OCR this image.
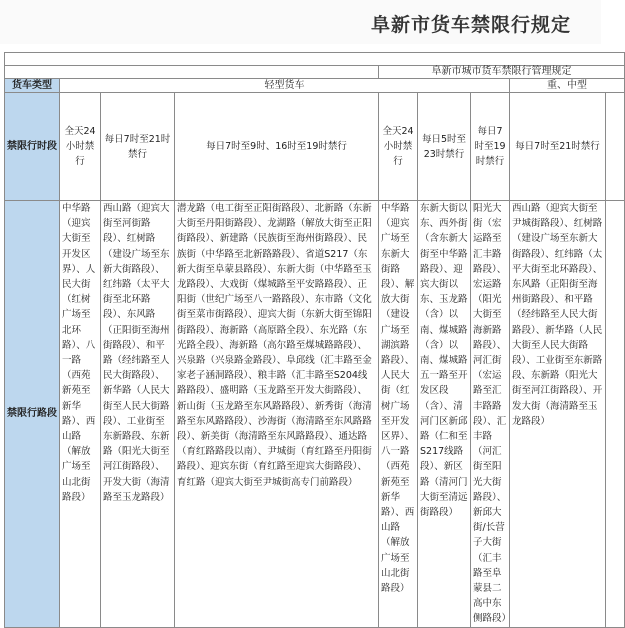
阜新市货车禁限行规定

				阜新市城市货车禁限行管理规定				
货车类型	轻型货车						重、中型	
禁限行时段	全天24小时禁行	每日7时至21时禁行	每日7时至9时、16时至19时禁行	全天24小时禁行	每日5时至23时禁行	每日7时至19时禁行	每日7时至21时禁行	
禁限行路段	中华路（迎宾大街至开发区界）、人民大街（红树广场至北环路）、八一路（西苑新苑至新华路）、西山路（解放广场至山北街路段）	西山路（迎宾大街至河街路段）、红树路（建设广场至东新大街路段）、红纬路（太平大街至北环路段）、东风路（正阳街至海州街路段）、和平路（经纬路至人民大街路段）、新华路（人民大街至人民大街路段）、工业街至东新路段、东新路（阳光大街至河江街路段）、开发大街（海清路至玉龙路段）	潜龙路（电工街至正阳街路段）、北新路（东新大街至丹阳街路段）、龙湖路（解放大街至正阳街路段）、新建路（民族街至海州街路段）、民族街（中华路至北新路路段）、省道S217（东新大街至阜蒙县路段）、东新大街（中华路至玉龙路段）、大戏街（煤城路至平安路路段）、正阳街（世纪广场至八一路路段）、东市路（文化街至菜市街路段）、迎宾大街（东新大街至锦阳街路段）、海新路（高原路全段）、东光路（东光路全段）、海新路（高尔路至煤城路路段）、兴泉路（兴泉路金路段）、阜邱线（汇丰路至金家老子涵洞路段）、粮丰路（汇丰路至S204线路路段）、盛明路（玉龙路至开发大街路段）、新山街（玉龙路至东风路路段）、新秀街（海清路至东风路路段）、沙海街（海清路至东风路路段）、新美街（海清路至东风路路段）、通达路（育红路路段以南）、尹城街（育红路至丹阳街路段）、迎宾东街（育红路至迎宾大街路段）、育红路（迎宾大街至尹城街高专门前路段）	中华路（迎宾广场至东新大街路段）、解放大街（建设广场至湖滨路路段）、人民大街（红树广场至开发区界）、八一路（西苑新苑至新华路）、西山路（解放广场至山北街路段）	东新大街以东、西外街（含东新大街至中华路路段）、迎宾大街以东、玉龙路（含）以南、煤城路（含）以南、煤城路五一路至开发区段（含）、清河门区新邱路（仁和至S217线路段）、新区路（清河门大街至清远街路段）	阳光大街（宏运路至汇丰路路段）、宏运路（阳光大街至海新路路段）、河汇街（宏运路至汇丰路路段）、汇丰路（河汇街至阳光大街路段）、新邱大街/长营子大街（汇丰路至阜蒙县二高中东侧路段）	西山路（迎宾大街至尹城街路段）、红树路（建设广场至东新大街路段）、红纬路（太平大街至北环路段）、东风路（正阳街至海州街路段）、和平路（经纬路至人民大街路段）、新华路（人民大街至人民大街路段）、工业街至东新路段、东新路（阳光大街至河江街路段）、开发大街（海清路至玉龙路段）	
